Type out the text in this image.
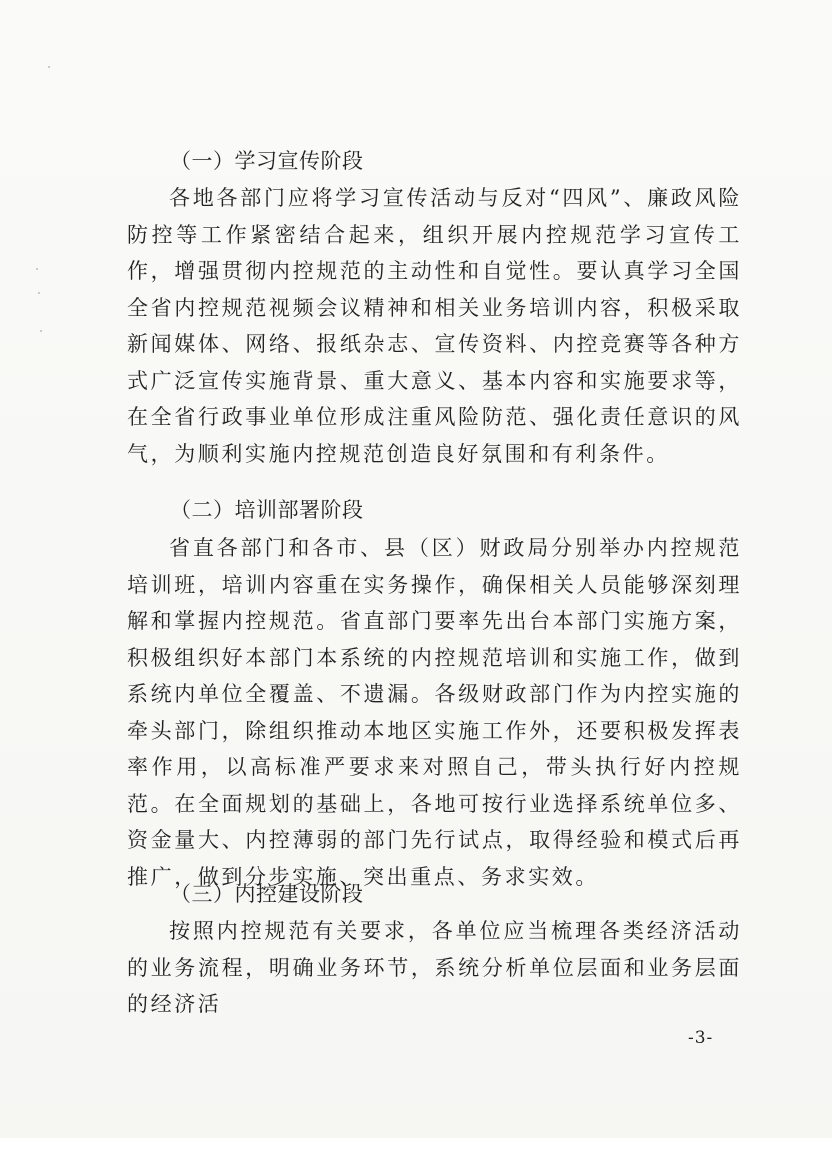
（一）学习宣传阶段

各地各部门应将学习宣传活动与反对“四风”、廉政风险防控等工作紧密结合起来，组织开展内控规范学习宣传工作，增强贯彻内控规范的主动性和自觉性。要认真学习全国全省内控规范视频会议精神和相关业务培训内容，积极采取新闻媒体、网络、报纸杂志、宣传资料、内控竞赛等各种方式广泛宣传实施背景、重大意义、基本内容和实施要求等，在全省行政事业单位形成注重风险防范、强化责任意识的风气，为顺利实施内控规范创造良好氛围和有利条件。

（二）培训部署阶段

省直各部门和各市、县（区）财政局分别举办内控规范培训班，培训内容重在实务操作，确保相关人员能够深刻理解和掌握内控规范。省直部门要率先出台本部门实施方案，积极组织好本部门本系统的内控规范培训和实施工作，做到系统内单位全覆盖、不遗漏。各级财政部门作为内控实施的牵头部门，除组织推动本地区实施工作外，还要积极发挥表率作用，以高标准严要求来对照自己，带头执行好内控规范。在全面规划的基础上，各地可按行业选择系统单位多、资金量大、内控薄弱的部门先行试点，取得经验和模式后再推广，做到分步实施、突出重点、务求实效。

（三）内控建设阶段

按照内控规范有关要求，各单位应当梳理各类经济活动的业务流程，明确业务环节，系统分析单位层面和业务层面的经济活

-3-
